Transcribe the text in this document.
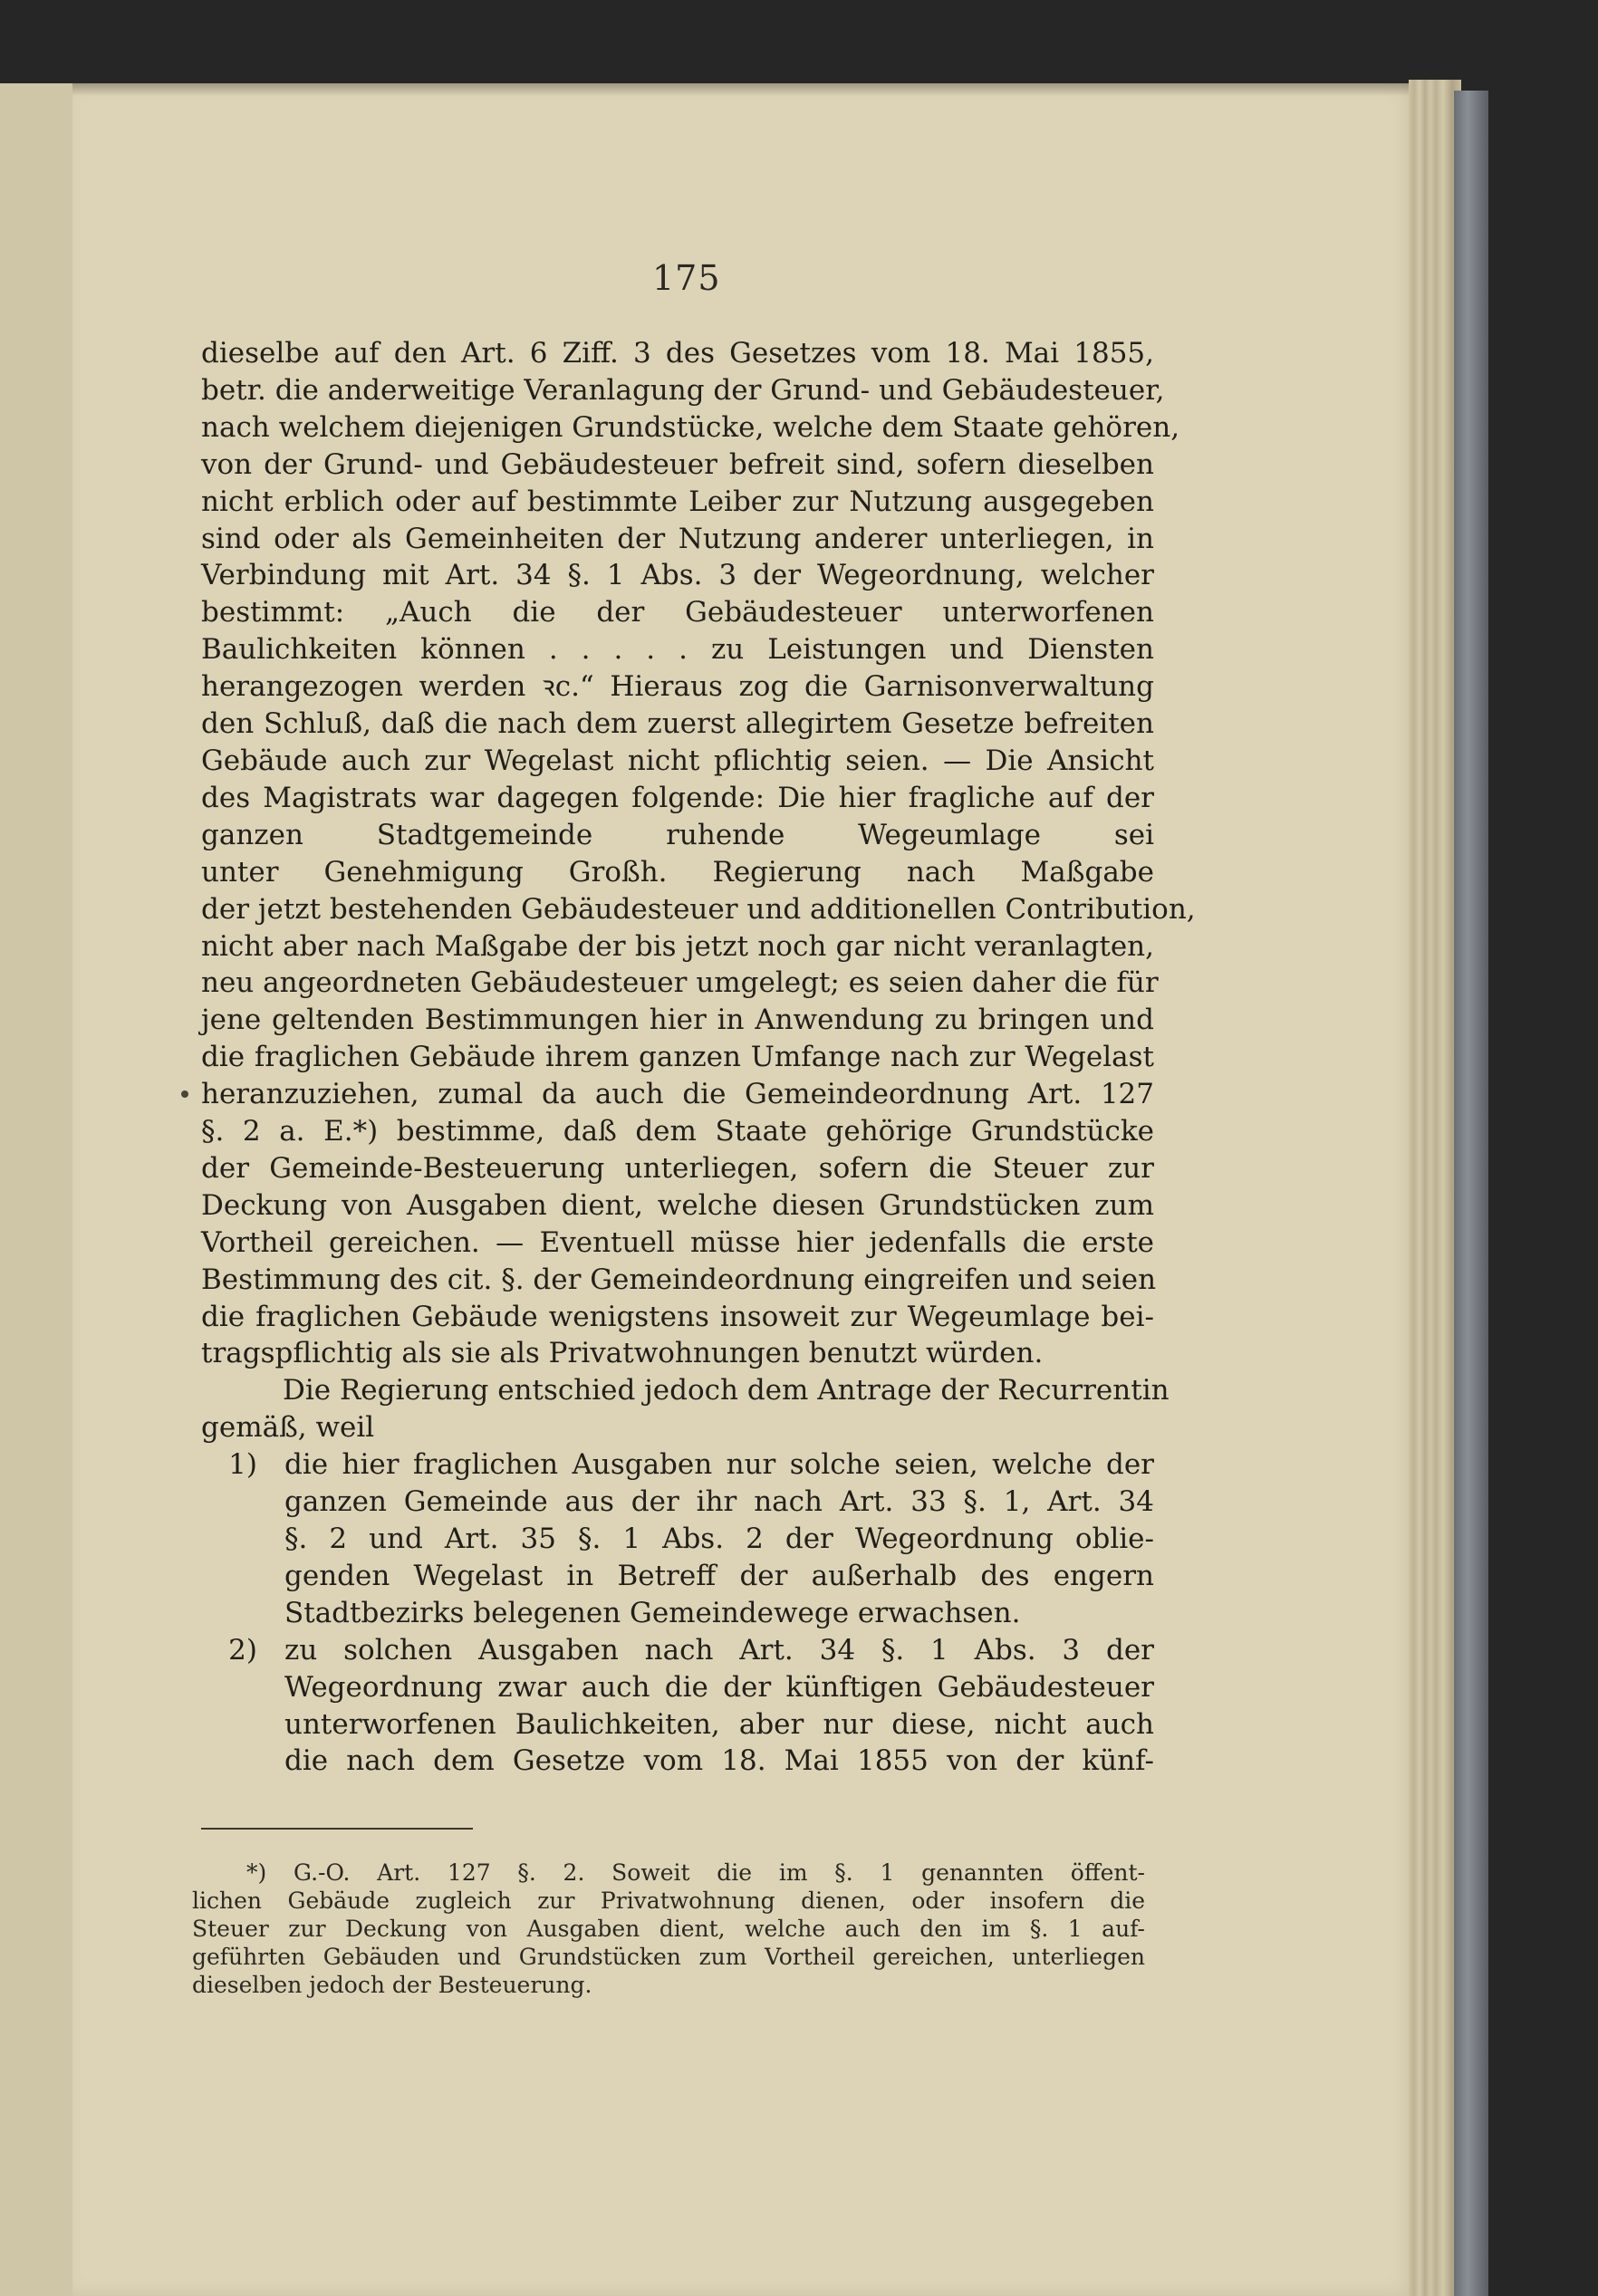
175
dieselbe auf den Art. 6 Ziff. 3 des Gesetzes vom 18. Mai 1855,
betr. die anderweitige Veranlagung der Grund- und Gebäudesteuer,
nach welchem diejenigen Grundstücke, welche dem Staate gehören,
von der Grund- und Gebäudesteuer befreit sind, sofern dieselben
nicht erblich oder auf bestimmte Leiber zur Nutzung ausgegeben
sind oder als Gemeinheiten der Nutzung anderer unterliegen, in
Verbindung mit Art. 34 §. 1 Abs. 3 der Wegeordnung, welcher
bestimmt: „Auch die der Gebäudesteuer unterworfenen
Baulichkeiten können . . . . . zu Leistungen und Diensten
herangezogen werden ꝛc.“ Hieraus zog die Garnisonverwaltung
den Schluß, daß die nach dem zuerst allegirtem Gesetze befreiten
Gebäude auch zur Wegelast nicht pflichtig seien. — Die Ansicht
des Magistrats war dagegen folgende: Die hier fragliche auf der
ganzen Stadtgemeinde ruhende Wegeumlage sei
unter Genehmigung Großh. Regierung nach Maßgabe
der jetzt bestehenden Gebäudesteuer und additionellen Contribution,
nicht aber nach Maßgabe der bis jetzt noch gar nicht veranlagten,
neu angeordneten Gebäudesteuer umgelegt; es seien daher die für
jene geltenden Bestimmungen hier in Anwendung zu bringen und
die fraglichen Gebäude ihrem ganzen Umfange nach zur Wegelast
heranzuziehen, zumal da auch die Gemeindeordnung Art. 127
§. 2 a. E.*) bestimme, daß dem Staate gehörige Grundstücke
der Gemeinde-Besteuerung unterliegen, sofern die Steuer zur
Deckung von Ausgaben dient, welche diesen Grundstücken zum
Vortheil gereichen. — Eventuell müsse hier jedenfalls die erste
Bestimmung des cit. §. der Gemeindeordnung eingreifen und seien
die fraglichen Gebäude wenigstens insoweit zur Wegeumlage bei-
tragspflichtig als sie als Privatwohnungen benutzt würden.
Die Regierung entschied jedoch dem Antrage der Recurrentin
gemäß, weil
1) die hier fraglichen Ausgaben nur solche seien, welche der
ganzen Gemeinde aus der ihr nach Art. 33 §. 1, Art. 34
§. 2 und Art. 35 §. 1 Abs. 2 der Wegeordnung oblie-
genden Wegelast in Betreff der außerhalb des engern
Stadtbezirks belegenen Gemeindewege erwachsen.
2) zu solchen Ausgaben nach Art. 34 §. 1 Abs. 3 der
Wegeordnung zwar auch die der künftigen Gebäudesteuer
unterworfenen Baulichkeiten, aber nur diese, nicht auch
die nach dem Gesetze vom 18. Mai 1855 von der künf-
*) G.-O. Art. 127 §. 2. Soweit die im §. 1 genannten öffent-
lichen Gebäude zugleich zur Privatwohnung dienen, oder insofern die
Steuer zur Deckung von Ausgaben dient, welche auch den im §. 1 auf-
geführten Gebäuden und Grundstücken zum Vortheil gereichen, unterliegen
dieselben jedoch der Besteuerung.
